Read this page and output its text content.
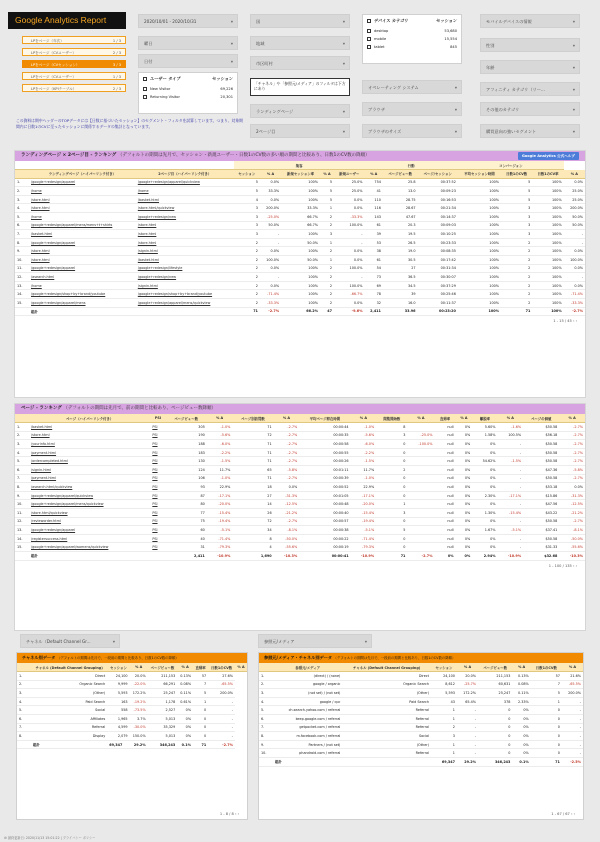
Google Analytics Report
LPをページ（年次）	1 / 3
LPをページ（CVユーザー）	2 / 3
LPをページ（CVセッション）	3 / 3
LPをページ（CVユーザー）	1 / 3
LPをページ（KPIテーブル）	2 / 3
2020/10/01 - 2020/10/31	▾
曜日	▾
日付	▾
ユーザー タイプ	セッション
New Visitor	69,226
Returning Visitor	20,301
国	▾
地域	▾
市区町村	▾
「チャネル」や「参照元/メディア」のフィルタは下方にあり
ランディングページ	▾
2ページ目	▾
デバイス カテゴリ	セッション
desktop	53,680
mobile	15,554
tablet	845
オペレーティング システム	▾
ブラウザ	▾
ブラウザのサイズ	▾
モバイルデバイスの情報	▾
性別	▾
年齢	▾
アフィニティ カテゴリ（リー...	▾
その他のカテゴリ	▾
購買意向の強いセグメント	▾
この資料は期中ヘッダーのTOPデータには【日数に基づいたセッション】のセグメント・フィルタを試算しています。つまり、対象期間内に日数1のCVに至ったセッションに関係するデータの集計となっています。
ランディングページ × 2ページ目 - ランキング （デフォルトの期間は先月で、セッション・新規ユーザー・日数1のCV数の多い順の期間と比較あり、日数1のCV数の降順）	Google Analytics 公式ヘルプ
			集客					行動			コンバージョン			
	ランディングページ（ハイパーリンク付き）	2ページ目（ハイパーリンク付き）	セッション	% Δ	新規セッション率	% Δ	新規ユーザー	% Δ	ページビュー数	ページ/セッション	平均セッション時間	日数1のCV数	日数1のCV率	% Δ
1.	/google+redesign/apparel	/google+redesign/apparel/quickview	5	0.0%	100%	5	25.0%	754	25.8	00:37:52	100%	5	100%	0.0%
2.	/home	/home	5	33.3%	100%	5	25.0%	41	13.0	00:09:23	100%	5	100%	25.0%
3.	/store.html	/basket.html	4	0.0%	100%	5	0.0%	110	28.75	00:16:53	100%	5	100%	25.0%
4.	/store.html	/store.html/quickview	3	200.0%	33.3%	1	0.0%	116	28.67	00:21:34	100%	3	100%	200.0%
5.	/home	/google+redesign/new	3	-25.0%	66.7%	2	-33.3%	143	47.67	00:14:37	100%	3	100%	50.0%
6.	/google+redesign/apparel/mens/mens+t+shirts	/store.html	3	50.0%	66.7%	2	100.0%	61	20.3	00:09:03	100%	3	100%	50.0%
7.	/basket.html	/store.html	3	-	100%	3	-	39	19.5	00:10:25	100%	3	100%	-
8.	/google+redesign/apparel	/store.html	2	-	50.0%	1	-	53	26.5	00:23:33	100%	2	100%	-
9.	/store.html	/signin.html	2	0.0%	100%	2	0.0%	38	19.0	00:08:35	100%	2	100%	0.0%
10.	/store.html	/basket.html	2	100.0%	50.0%	1	0.0%	61	30.5	00:17:42	100%	2	100%	100.0%
11.	/google+redesign/apparel	/google+redesign/lifestyle	2	0.0%	100%	2	100.0%	54	27	00:31:34	100%	2	100%	0.0%
12.	/asearch.html	/google+redesign/new	2	-	100%	2	-	73	36.5	00:30:07	100%	2	100%	-
13.	/home	/signin.html	2	0.0%	100%	2	100.0%	69	34.5	00:37:29	100%	2	100%	0.0%
14.	/google+redesign/shop+by+brand/youtube	/google+redesign/shop+by+brand/youtube	2	-71.4%	100%	2	-66.7%	78	39	00:25:46	100%	2	100%	-71.4%
15.	/google+redesign/apparel/mens	/google+redesign/apparel/mens/quickview	2	-33.3%	100%	2	0.0%	32	16.0	00:11:37	100%	2	100%	-33.3%
	総計		71	-2.7%	66.2%	47	-9.6%	2,411	33.96	00:23:20	100%	71	100%	-2.7%
1 - 15 / 45 ‹ ›
ページ - ランキング （デフォルトの期間は先月で、前の期間と比較あり、ページビュー数降順）
	ページ（ハイパーリンク付き）	PSI	ページビュー数	% Δ	ページ別訪問数	% Δ	平均ページ滞在時間	% Δ	閲覧開始数	% Δ	直帰率	% Δ	離脱率	% Δ	ページの価値	% Δ
1.	/basket.html	PSI	305	-1.0%	71	-2.7%	00:00:44	-1.0%	8		null	0%	5.60%	-1.6%	$50.58	-2.7%
2.	/store.html	PSI	190	-5.6%	72	-2.7%	00:00:35	-5.6%	3	-25.0%	null	0%	1.58%	100.5%	$56.18	-2.7%
3.	/yourinfo.html	PSI	188	-6.0%	71	-2.7%	00:00:58	-6.0%	0	-100.0%	null	0%	0%	-	$50.58	-2.7%
4.	/payment.html	PSI	183	-2.2%	71	-2.7%	00:00:55	-2.2%	0		null	0%	0%	-	$50.58	-2.7%
5.	/ordercompleted.html	PSI	130	-1.5%	71	-2.7%	00:00:26	-1.5%	0		null	0%	54.62%	-1.5%	$50.58	-2.7%
6.	/signin.html	PSI	124	11.7%	65	-5.8%	00:01:11	11.7%	2		null	0%	0%	-	$47.36	-5.8%
7.	/payment.html	PSI	106	-1.0%	71	-2.7%	00:00:39	-1.0%	0		null	0%	0%	-	$50.58	-2.7%
8.	/asearch.html/quickview	PSI	93	22.9%	18	0.0%	00:00:52	22.9%	0		null	0%	0%	-	$53.18	0.0%
9.	/google+redesign/apparel/quickview	PSI	87	-17.1%	27	-31.3%	00:01:05	-17.1%	0		null	0%	2.30%	-17.1%	$15.86	-31.3%
10.	/google+redesign/apparel/mens/quickview	PSI	80	-20.0%	14	-12.5%	00:00:48	-20.0%	1		null	0%	0%	-	$47.56	-12.5%
11.	/store.html/quickview	PSI	77	-15.4%	26	-21.2%	00:00:40	-15.4%	3		null	0%	1.30%	-15.4%	$43.22	-21.2%
12.	/revieworder.html	PSI	75	-19.4%	72	-2.7%	00:00:57	-19.4%	0		null	0%	0%	-	$50.58	-2.7%
13.	/google+redesign/apparel	PSI	60	-5.1%	34	-8.1%	00:00:38	-5.1%	5		null	0%	1.67%	-5.1%	$37.41	-8.1%
14.	/registersuccess.html	PSI	40	-71.4%	8	-50.0%	00:00:22	-71.4%	0		null	0%	0%	-	$50.58	-50.0%
15.	/google+redesign/apparel/womens/quickview	PSI	31	-79.3%	4	-55.6%	00:00:19	-79.3%	0		null	0%	0%	-	$31.33	-55.6%
	総計		2,411	-10.9%	1,690	-10.3%	00:00:41	-10.9%	71	-2.7%	0%	0%	2.94%	-10.9%	$32.68	-10.3%
1 - 100 / 135 ‹ ›
チャネル（Default Channel Gr...	▾	参照元/メディア	▾
チャネル別データ （デフォルトの期間は先月で、一段前の期間と比較あり、日数1のCV数の降順）
	チャネル (Default Channel Grouping)	セッション	% Δ	ページビュー数	% Δ	直帰率	日数1のCV数	% Δ
1.	Direct	24,100	20.0%	211,153	0.13%	57	27.6%	
2.	Organic Search	9,999	-22.0%	66,291	0.08%	7	-65.5%	
3.	(Other)	5,593	172.2%	25,247	0.11%	5	200.0%	
4.	Paid Search	163	-19.2%	1,178	0.61%	1	-	
5.	Social	558	-73.5%	2,527	0%	0	-	
6.	Affiliates	1,965	3.7%	5,013	0%	0	-	
7.	Referral	4,599	-30.0%	35,329	0%	0	-	
8.	Display	2,079	150.0%	5,013	0%	0	-	
	総計	69,347	29.2%	346,243	0.1%	71	-2.7%	
1 - 8 / 8 ‹ ›
参照元/メディア・チャネル別データ （デフォルトの期間は先月で、一段前の期間と比較あり、日数1のCV数の降順）
	参照元/メディア	チャネル (Default Channel Grouping)	セッション	% Δ	ページビュー数	% Δ	日数1のCV数	% Δ
1.	(direct) / (none)	Direct	24,100	20.0%	211,153	0.13%	57	21.6%
2.	google / organic	Organic Search	8,612	-25.7%	60,631	0.08%	7	-65.5%
3.	(not set) / (not set)	(Other)	5,593	172.2%	25,247	0.11%	5	200.0%
4.	google / cpc	Paid Search	43	65.4%	378	2.33%	1	-
5.	ch.search.yahoo.com / referral	Referral	1	-	0	0%	0	-
6.	keep.google.com / referral	Referral	1	-	0	0%	0	-
7.	getpocket.com / referral	Referral	2	-	0	0%	0	-
8.	m.facebook.com / referral	Social	3	-	0	0%	0	-
9.	Partners / (not set)	(Other)	1	-	0	0%	0	-
10.	phandroid.com / referral	Referral	1	-	0	0%	0	-
	総計		69,347	29.2%	346,243	0.1%	71	-2.5%
1 - 67 / 67 ‹ ›
⚙ 最終更新日: 2020/11/13 15:01:22 | プライバシー ポリシー
